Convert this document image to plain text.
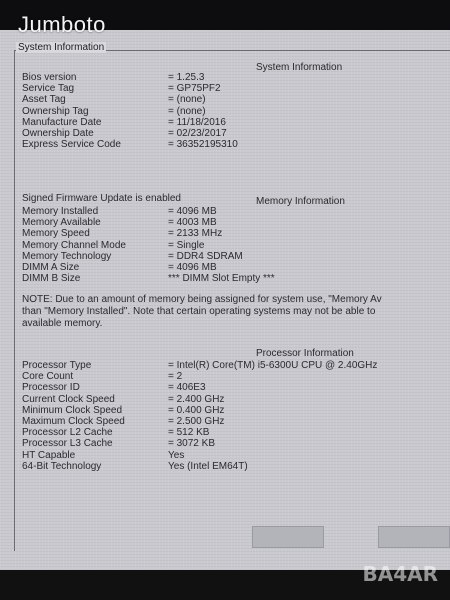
Jumboto
System Information
System Information
Bios version	= 1.25.3
Service Tag	= GP75PF2
Asset Tag	= (none)
Ownership Tag	= (none)
Manufacture Date	= 11/18/2016
Ownership Date	= 02/23/2017
Express Service Code	= 36352195310
Signed Firmware Update is enabled	Memory Information
Memory Installed	= 4096 MB
Memory Available	= 4003 MB
Memory Speed	= 2133 MHz
Memory Channel Mode	= Single
Memory Technology	= DDR4 SDRAM
DIMM A Size	= 4096 MB
DIMM B Size	*** DIMM Slot Empty ***
NOTE: Due to an amount of memory being assigned for system use, "Memory Av
than "Memory Installed". Note that certain operating systems may not be able to
available memory.
Processor Information
Processor Type	= Intel(R) Core(TM) i5-6300U CPU @ 2.40GHz
Core Count	= 2
Processor ID	= 406E3
Current Clock Speed	= 2.400 GHz
Minimum Clock Speed	= 0.400 GHz
Maximum Clock Speed	= 2.500 GHz
Processor L2 Cache	= 512 KB
Processor L3 Cache	= 3072 KB
HT Capable	Yes
64-Bit Technology	Yes (Intel EM64T)
BA4AR
